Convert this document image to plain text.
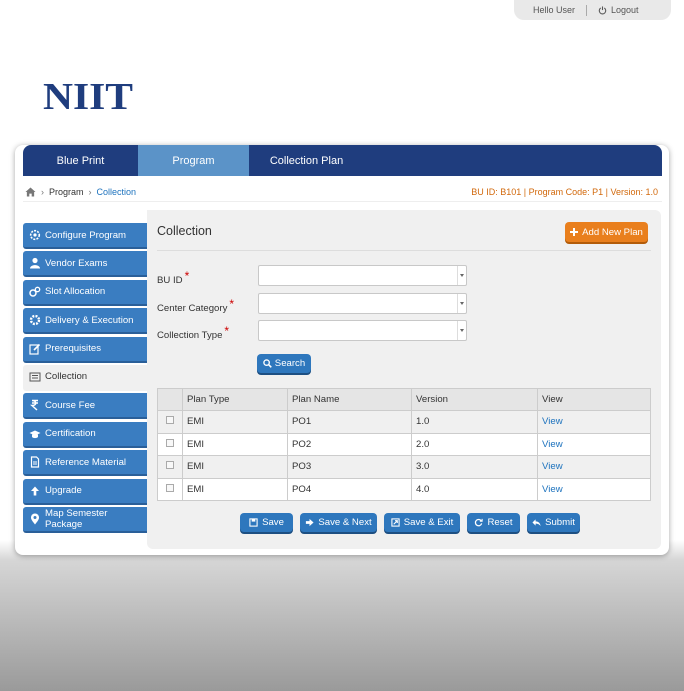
Hello User	Logout
NIIT
Blue Print	Program	Collection Plan
› Program › Collection	BU ID: B101 | Program Code: P1 | Version: 1.0
Configure Program
Vendor Exams
Slot Allocation
Delivery & Execution
Prerequisites
Collection
Course Fee
Certification
Reference Material
Upgrade
Map Semester Package
Collection	Add New Plan
BU ID *
Center Category *
Collection Type *
Search
	Plan Type	Plan Name	Version	View
	EMI	PO1	1.0	View
	EMI	PO2	2.0	View
	EMI	PO3	3.0	View
	EMI	PO4	4.0	View
Save	Save & Next	Save & Exit	Reset	Submit
